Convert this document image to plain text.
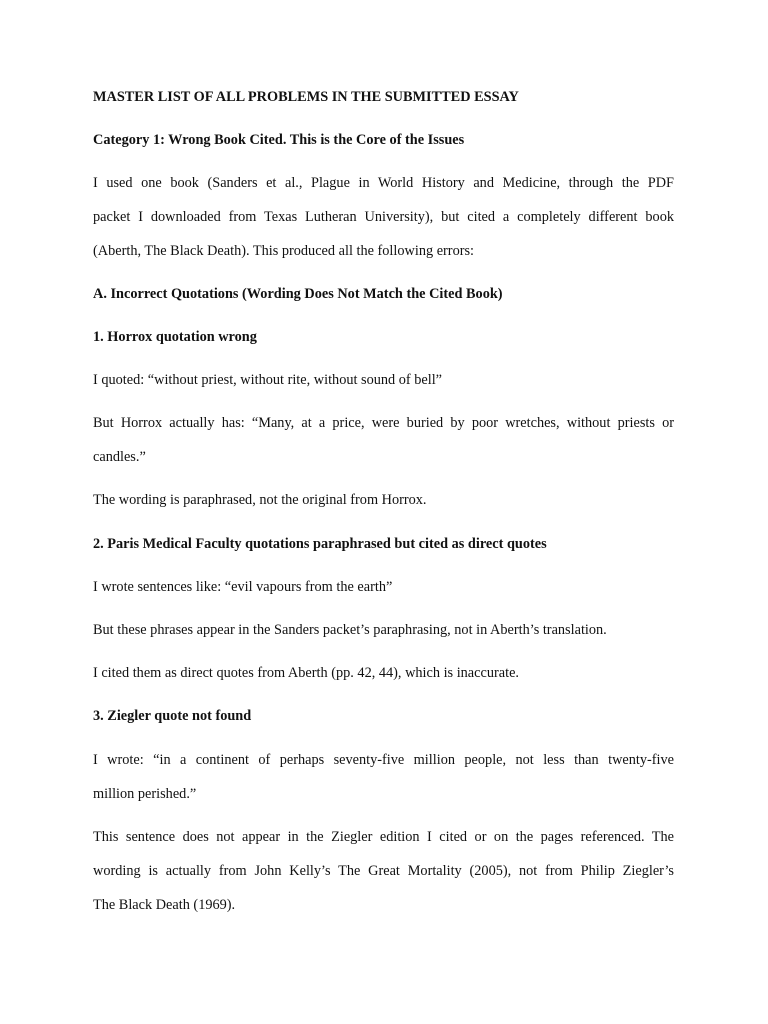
MASTER LIST OF ALL PROBLEMS IN THE SUBMITTED ESSAY
Category 1: Wrong Book Cited. This is the Core of the Issues
I used one book (Sanders et al., Plague in World History and Medicine, through the PDF
packet I downloaded from Texas Lutheran University), but cited a completely different book
(Aberth, The Black Death). This produced all the following errors:
A. Incorrect Quotations (Wording Does Not Match the Cited Book)
1. Horrox quotation wrong
I quoted: “without priest, without rite, without sound of bell”
But Horrox actually has: “Many, at a price, were buried by poor wretches, without priests or
candles.”
The wording is paraphrased, not the original from Horrox.
2. Paris Medical Faculty quotations paraphrased but cited as direct quotes
I wrote sentences like: “evil vapours from the earth”
But these phrases appear in the Sanders packet’s paraphrasing, not in Aberth’s translation.
I cited them as direct quotes from Aberth (pp. 42, 44), which is inaccurate.
3. Ziegler quote not found
I wrote: “in a continent of perhaps seventy-five million people, not less than twenty-five
million perished.”
This sentence does not appear in the Ziegler edition I cited or on the pages referenced. The
wording is actually from John Kelly’s The Great Mortality (2005), not from Philip Ziegler’s
The Black Death (1969).
